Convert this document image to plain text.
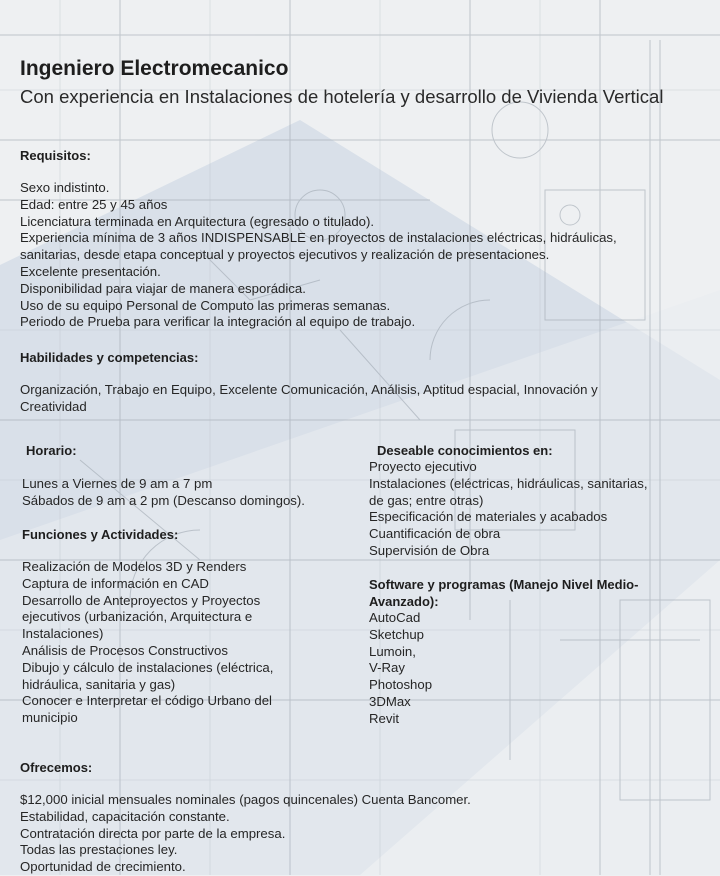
Ingeniero Electromecanico
Con experiencia en Instalaciones de hotelería y desarrollo de Vivienda Vertical
Requisitos:
Sexo indistinto.
Edad: entre 25 y 45 años
Licenciatura terminada en Arquitectura (egresado o titulado).
Experiencia mínima de 3 años INDISPENSABLE en proyectos de instalaciones eléctricas, hidráulicas,
sanitarias, desde etapa conceptual y proyectos ejecutivos y realización de presentaciones.
Excelente presentación.
Disponibilidad para viajar de manera esporádica.
Uso de su equipo Personal de Computo las primeras semanas.
Periodo de Prueba para verificar la integración al equipo de trabajo.
Habilidades y competencias:
Organización, Trabajo en Equipo, Excelente Comunicación, Análisis, Aptitud espacial, Innovación y
Creatividad
Horario:
Lunes a Viernes de 9 am a 7 pm
Sábados de 9 am a 2 pm (Descanso domingos).
Funciones y Actividades:
Realización de Modelos 3D y Renders
Captura de información en CAD
Desarrollo de Anteproyectos y Proyectos
ejecutivos (urbanización, Arquitectura e
Instalaciones)
Análisis de Procesos Constructivos
Dibujo y cálculo de instalaciones (eléctrica,
hidráulica, sanitaria y gas)
Conocer e Interpretar el código Urbano del
municipio
Deseable conocimientos en:
Proyecto ejecutivo
Instalaciones (eléctricas, hidráulicas, sanitarias,
de gas; entre otras)
Especificación de materiales y acabados
Cuantificación de obra
Supervisión de Obra
Software y programas (Manejo Nivel Medio-
Avanzado):
AutoCad
Sketchup
Lumoin,
V-Ray
Photoshop
3DMax
Revit
Ofrecemos:
$12,000 inicial mensuales nominales (pagos quincenales) Cuenta Bancomer.
Estabilidad, capacitación constante.
Contratación directa por parte de la empresa.
Todas las prestaciones ley.
Oportunidad de crecimiento.
